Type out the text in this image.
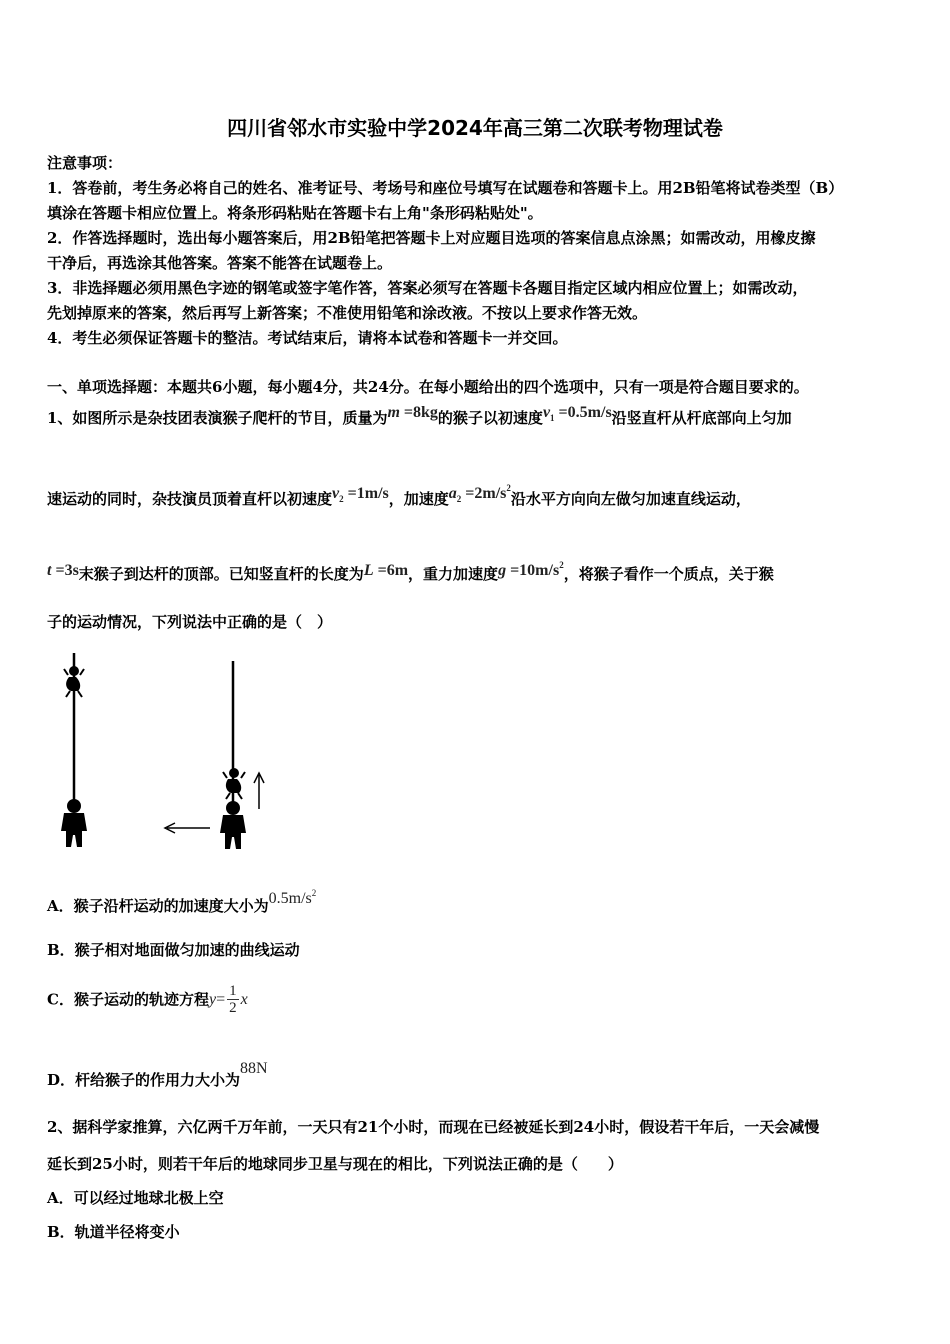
四川省邻水市实验中学2024年高三第二次联考物理试卷
注意事项：
1．答卷前，考生务必将自己的姓名、准考证号、考场号和座位号填写在试题卷和答题卡上。用2B铅笔将试卷类型（B）
填涂在答题卡相应位置上。将条形码粘贴在答题卡右上角"条形码粘贴处"。
2．作答选择题时，选出每小题答案后，用2B铅笔把答题卡上对应题目选项的答案信息点涂黑；如需改动，用橡皮擦
干净后，再选涂其他答案。答案不能答在试题卷上。
3．非选择题必须用黑色字迹的钢笔或签字笔作答，答案必须写在答题卡各题目指定区域内相应位置上；如需改动，
先划掉原来的答案，然后再写上新答案；不准使用铅笔和涂改液。不按以上要求作答无效。
4．考生必须保证答题卡的整洁。考试结束后，请将本试卷和答题卡一并交回。
一、单项选择题：本题共6小题，每小题4分，共24分。在每小题给出的四个选项中，只有一项是符合题目要求的。
1、如图所示是杂技团表演猴子爬杆的节目，质量为m =8kg的猴子以初速度$v_1 =0.5m/s$沿竖直杆从杆底部向上匀加
速运动的同时，杂技演员顶着直杆以初速度$v_2 =1m/s$，加速度$a_2 =2m/s^2$沿水平方向向左做匀加速直线运动，
t =3s末猴子到达杆的顶部。已知竖直杆的长度为L =6m，重力加速度$g =10m/s^2$，将猴子看作一个质点，关于猴
子的运动情况，下列说法中正确的是（　）
A．猴子沿杆运动的加速度大小为$0.5m/s^2$
B．猴子相对地面做匀加速的曲线运动
C．猴子运动的轨迹方程 $y = \frac{1}{2}$ x
D．杆给猴子的作用力大小为88N
2、据科学家推算，六亿两千万年前，一天只有21个小时，而现在已经被延长到24小时，假设若干年后，一天会减慢
延长到25小时，则若干年后的地球同步卫星与现在的相比，下列说法正确的是（　　）
A．可以经过地球北极上空
B．轨道半径将变小
